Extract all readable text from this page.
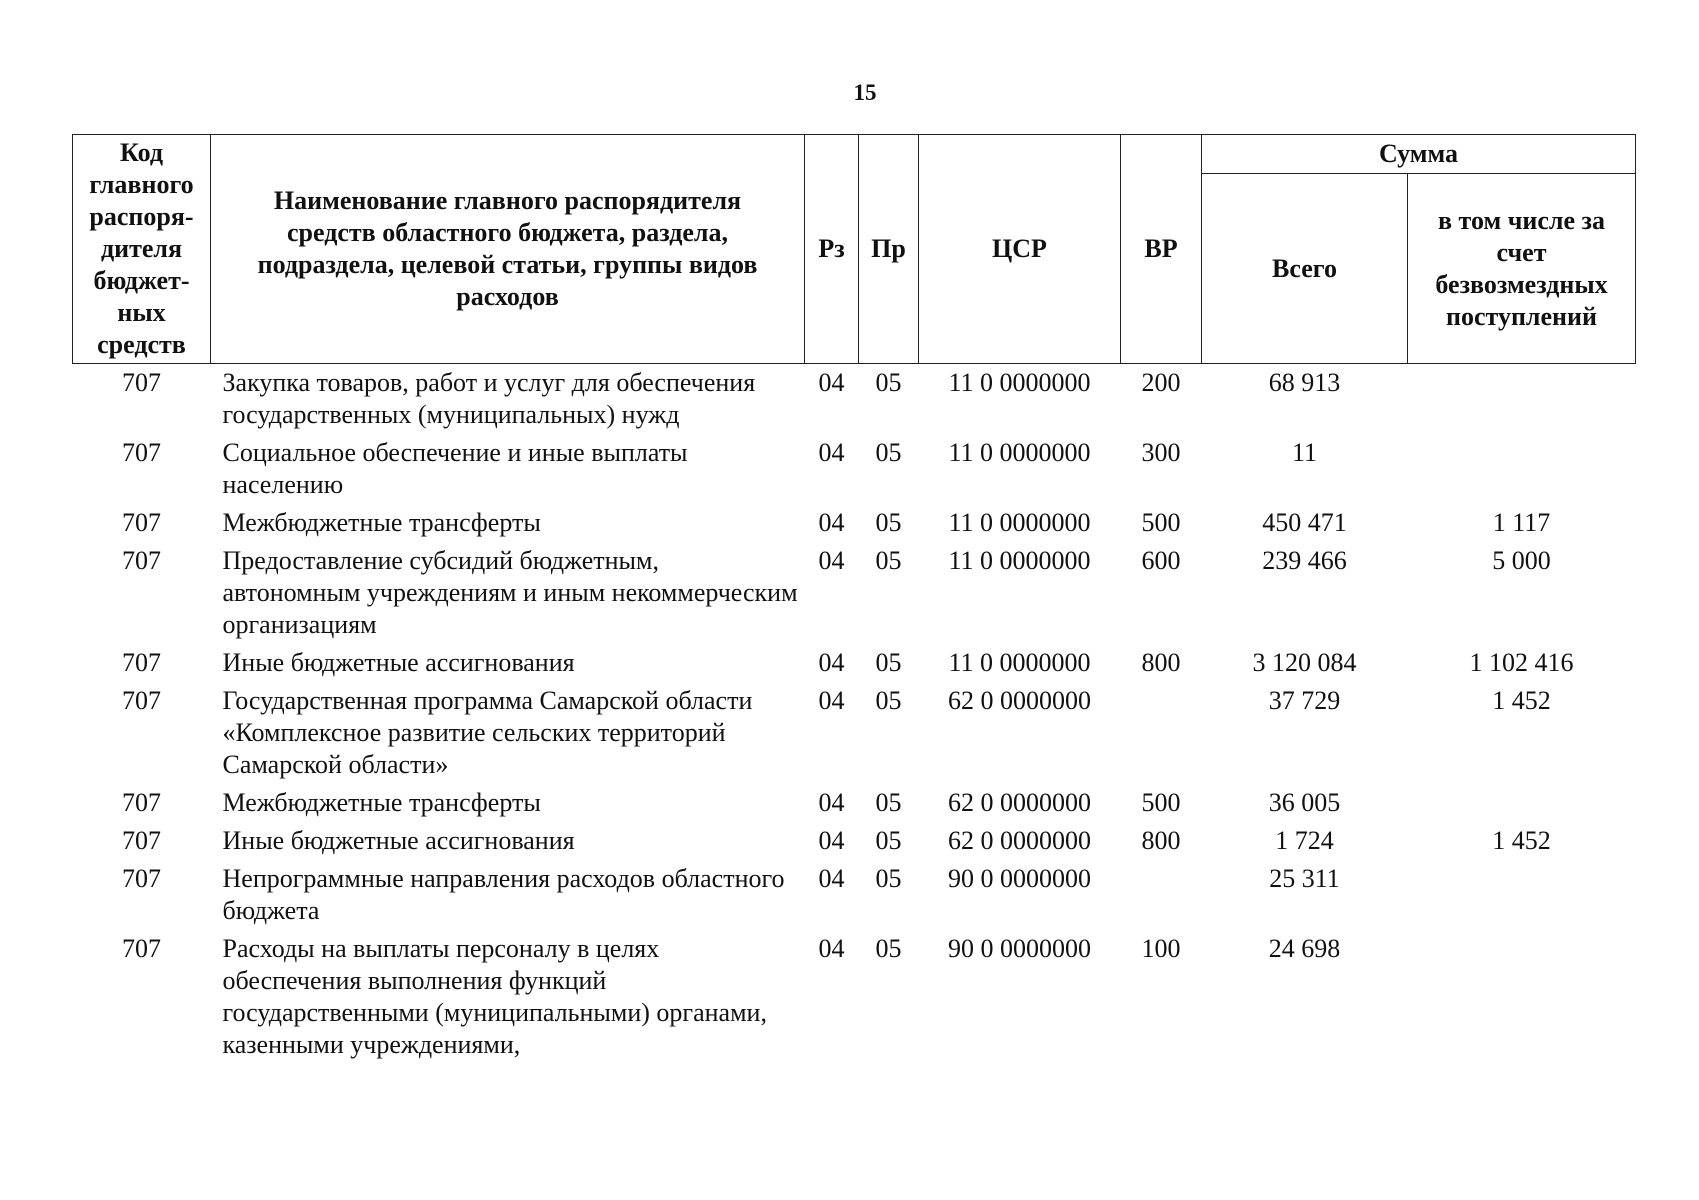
15
Код главного распоря-дителя бюджет-ных средств	Наименование главного распорядителя средств областного бюджета, раздела, подраздела, целевой статьи, группы видов расходов	Рз	Пр	ЦСР	ВР	Сумма	
						Всего	в том числе за счет безвозмездных поступлений
707	Закупка товаров, работ и услуг для обеспечения государственных (муниципальных) нужд	04	05	11 0 0000000	200	68 913	
707	Социальное обеспечение и иные выплаты населению	04	05	11 0 0000000	300	11	
707	Межбюджетные трансферты	04	05	11 0 0000000	500	450 471	1 117
707	Предоставление субсидий бюджетным, автономным учреждениям и иным некоммерческим организациям	04	05	11 0 0000000	600	239 466	5 000
707	Иные бюджетные ассигнования	04	05	11 0 0000000	800	3 120 084	1 102 416
707	Государственная программа Самарской области «Комплексное развитие сельских территорий Самарской области»	04	05	62 0 0000000		37 729	1 452
707	Межбюджетные трансферты	04	05	62 0 0000000	500	36 005	
707	Иные бюджетные ассигнования	04	05	62 0 0000000	800	1 724	1 452
707	Непрограммные направления расходов областного бюджета	04	05	90 0 0000000		25 311	
707	Расходы на выплаты персоналу в целях обеспечения выполнения функций государственными (муниципальными) органами, казенными учреждениями,	04	05	90 0 0000000	100	24 698	
